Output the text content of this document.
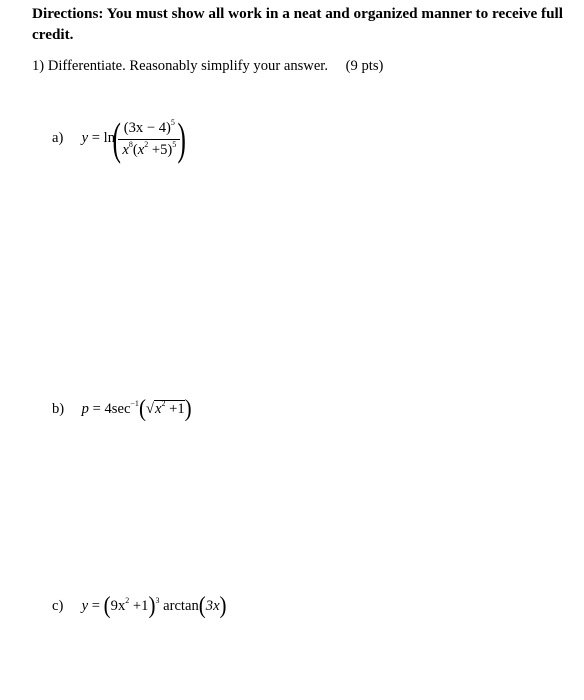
Directions: You must show all work in a neat and organized manner to receive full credit.

1) Differentiate. Reasonably simplify your answer. (9 pts)
a) y = ln(
$\frac{(3x - 4)^5}{x^8(x^2 +5)^5}$
)
b) $p = 4\sec^{-1}(√x^2 +1)$
c) $y = (9x^2 +1)^3$ arctan(3x)
